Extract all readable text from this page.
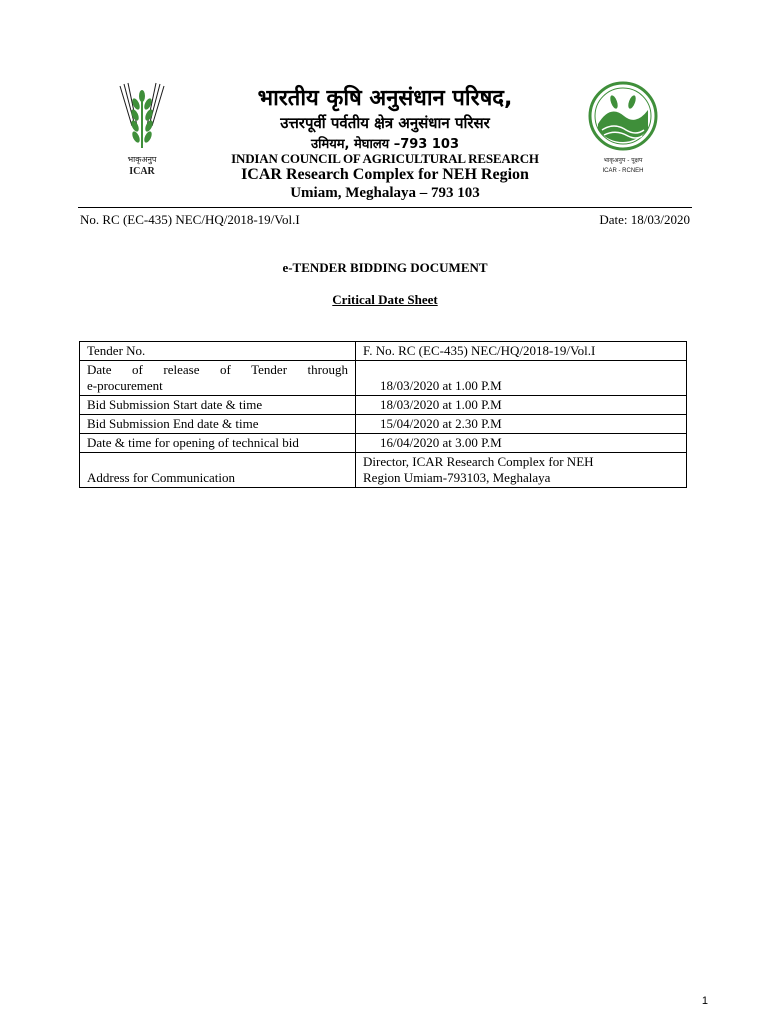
भाकृअनुप
ICAR
भाकृअनुप - पूक्षप
ICAR - RCNEH
भारतीय कृषि अनुसंधान परिषद,
उत्तरपूर्वी पर्वतीय क्षेत्र अनुसंधान परिसर
उमियम, मेघालय –793 103
INDIAN COUNCIL OF AGRICULTURAL RESEARCH
ICAR Research Complex for NEH Region
Umiam, Meghalaya – 793 103
No. RC (EC-435) NEC/HQ/2018-19/Vol.I	Date: 18/03/2020
e-TENDER BIDDING DOCUMENT
Critical Date Sheet
Tender No.	F. No. RC (EC-435) NEC/HQ/2018-19/Vol.I

Date of release of Tender through
e-procurement	18/03/2020 at 1.00 P.M

Bid Submission Start date & time	18/03/2020 at 1.00 P.M
Bid Submission End date & time	15/04/2020 at 2.30 P.M
Date & time for opening of technical bid	16/04/2020 at 3.00 P.M

Address for Communication	Director, ICAR Research Complex for NEH
Region Umiam-793103, Meghalaya
1
